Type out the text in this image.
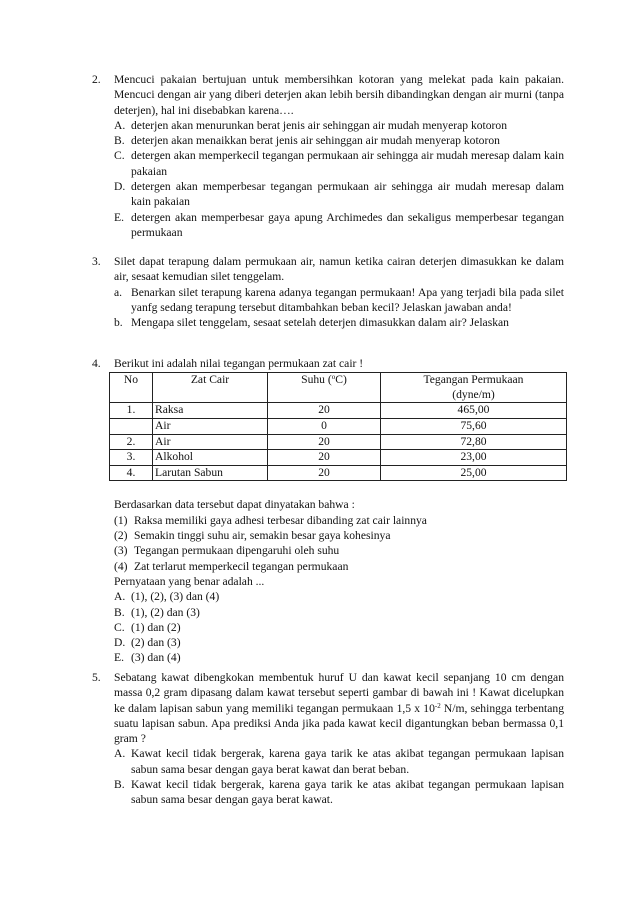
2.	Mencuci pakaian bertujuan untuk membersihkan kotoran yang melekat pada kain pakaian. Mencuci dengan air yang diberi deterjen akan lebih bersih dibandingkan dengan air murni (tanpa deterjen), hal ini disebabkan karena….

A. deterjen akan menurunkan berat jenis air sehinggan air mudah menyerap kotoron
B. deterjen akan menaikkan berat jenis air sehinggan air mudah menyerap kotoron
C. detergen akan memperkecil tegangan permukaan air sehingga air mudah meresap dalam kain pakaian
D. detergen akan memperbesar tegangan permukaan air sehingga air mudah meresap dalam kain pakaian
E. detergen akan memperbesar gaya apung Archimedes dan sekaligus memperbesar tegangan permukaan
3.	Silet dapat terapung dalam permukaan air, namun ketika cairan deterjen dimasukkan ke dalam air, sesaat kemudian silet tenggelam.

a. Benarkan silet terapung karena adanya tegangan permukaan! Apa yang terjadi bila pada silet yanfg sedang terapung tersebut ditambahkan beban kecil? Jelaskan jawaban anda!
b. Mengapa silet tenggelam, sesaat setelah deterjen dimasukkan dalam air? Jelaskan
4.	Berikut ini adalah nilai tegangan permukaan zat cair !

No	Zat Cair	Suhu ($^o$C)	Tegangan Permukaan
(dyne/m)
1.	Raksa	20	465,00
	Air	0	75,60
2.	Air	20	72,80
3.	Alkohol	20	23,00
4.	Larutan Sabun	20	25,00

Berdasarkan data tersebut dapat dinyatakan bahwa :

(1) Raksa memiliki gaya adhesi terbesar dibanding zat cair lainnya
(2) Semakin tinggi suhu air, semakin besar gaya kohesinya
(3) Tegangan permukaan dipengaruhi oleh suhu
(4) Zat terlarut memperkecil tegangan permukaan

Pernyataan yang benar adalah ...

A. (1), (2), (3) dan (4)
B. (1), (2) dan (3)
C. (1) dan (2)
D. (2) dan (3)
E. (3) dan (4)
5.	Sebatang kawat dibengkokan membentuk huruf U dan kawat kecil sepanjang 10 cm dengan massa 0,2 gram dipasang dalam kawat tersebut seperti gambar di bawah ini ! Kawat dicelupkan ke dalam lapisan sabun yang memiliki tegangan permukaan 1,5 x $10^{-2}$ N/m, sehingga terbentang suatu lapisan sabun. Apa prediksi Anda jika pada kawat kecil digantungkan beban bermassa 0,1 gram ?

A. Kawat kecil tidak bergerak, karena gaya tarik ke atas akibat tegangan permukaan lapisan sabun sama besar dengan gaya berat kawat dan berat beban.
B. Kawat kecil tidak bergerak, karena gaya tarik ke atas akibat tegangan permukaan lapisan sabun sama besar dengan gaya berat kawat.
